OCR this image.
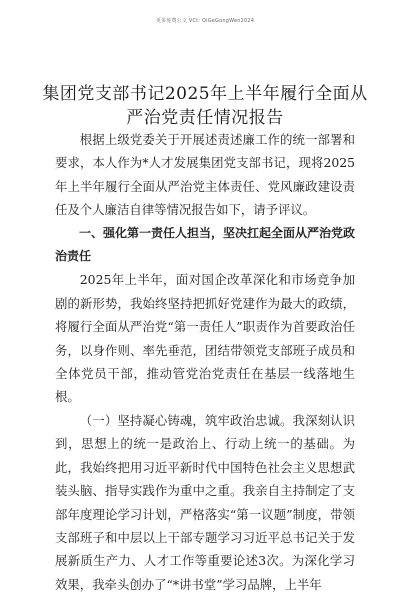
更多免费公文 VCt: QiGeGongWen2024
集团党支部书记2025年上半年履行全面从严治党责任情况报告

根据上级党委关于开展述责述廉工作的统一部署和要求，本人作为*人才发展集团党支部书记，现将2025年上半年履行全面从严治党主体责任、党风廉政建设责任及个人廉洁自律等情况报告如下，请予评议。

一、强化第一责任人担当，坚决扛起全面从严治党政治责任

2025年上半年，面对国企改革深化和市场竞争加剧的新形势，我始终坚持把抓好党建作为最大的政绩，将履行全面从严治党“第一责任人”职责作为首要政治任务，以身作则、率先垂范，团结带领党支部班子成员和全体党员干部，推动管党治党责任在基层一线落地生根。

（一）坚持凝心铸魂，筑牢政治忠诚。我深刻认识到，思想上的统一是政治上、行动上统一的基础。为此，我始终把用习近平新时代中国特色社会主义思想武装头脑、指导实践作为重中之重。我亲自主持制定了支部年度理论学习计划，严格落实“第一议题”制度，带领支部班子和中层以上干部专题学习习近平总书记关于发展新质生产力、人才工作等重要论述3次。为深化学习效果，我牵头创办了“*讲书堂”学习品牌，上半年
